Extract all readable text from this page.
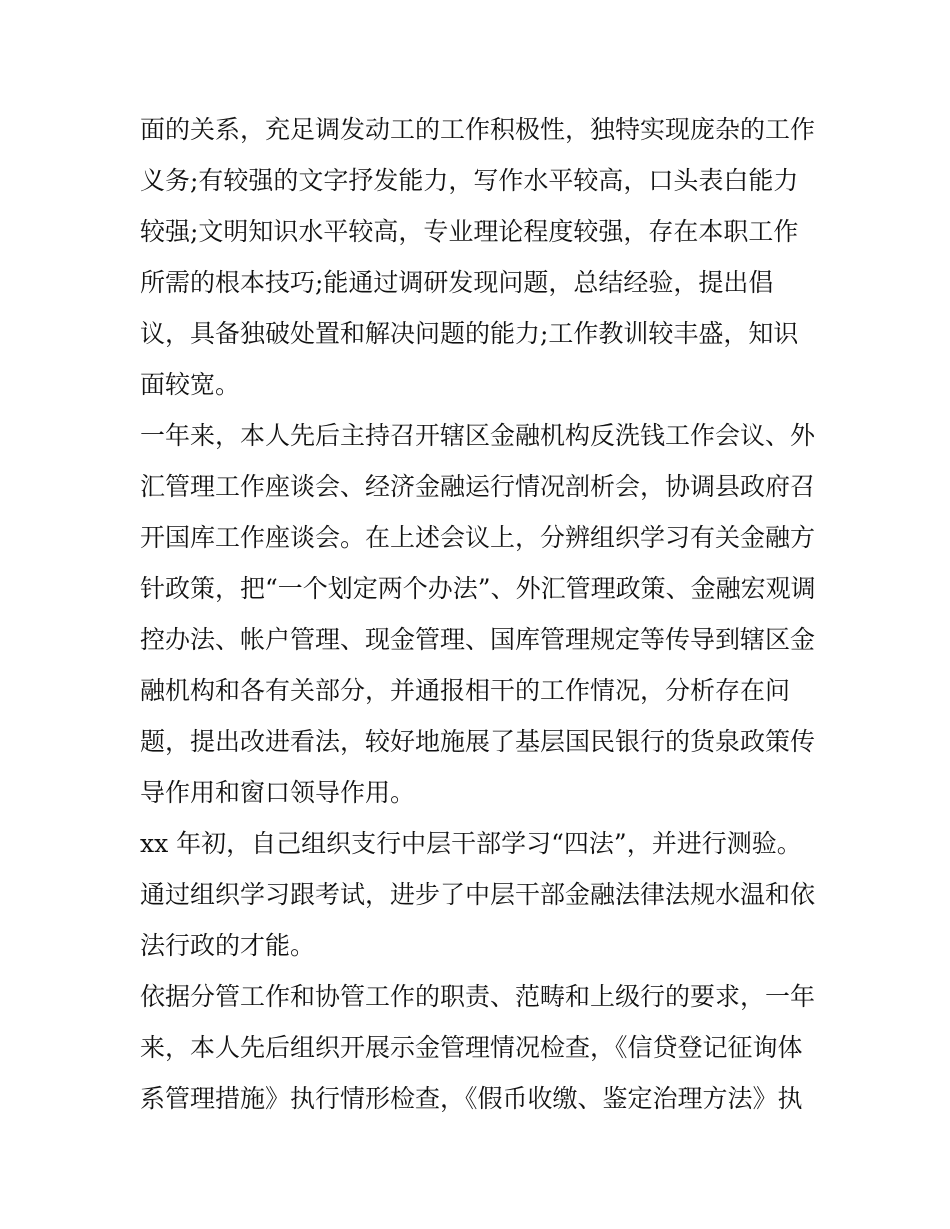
面的关系，充足调发动工的工作积极性，独特实现庞杂的工作
义务;有较强的文字抒发能力，写作水平较高，口头表白能力
较强;文明知识水平较高，专业理论程度较强，存在本职工作
所需的根本技巧;能通过调研发现问题，总结经验，提出倡
议，具备独破处置和解决问题的能力;工作教训较丰盛，知识
面较宽。
一年来，本人先后主持召开辖区金融机构反洗钱工作会议、外
汇管理工作座谈会、经济金融运行情况剖析会，协调县政府召
开国库工作座谈会。在上述会议上，分辨组织学习有关金融方
针政策，把“一个划定两个办法”、外汇管理政策、金融宏观调
控办法、帐户管理、现金管理、国库管理规定等传导到辖区金
融机构和各有关部分，并通报相干的工作情况，分析存在问
题，提出改进看法，较好地施展了基层国民银行的货泉政策传
导作用和窗口领导作用。
xx 年初，自己组织支行中层干部学习“四法”，并进行测验。
通过组织学习跟考试，进步了中层干部金融法律法规水温和依
法行政的才能。
依据分管工作和协管工作的职责、范畴和上级行的要求，一年
来，本人先后组织开展示金管理情况检查，《信贷登记征询体
系管理措施》执行情形检查，《假币收缴、鉴定治理方法》执
